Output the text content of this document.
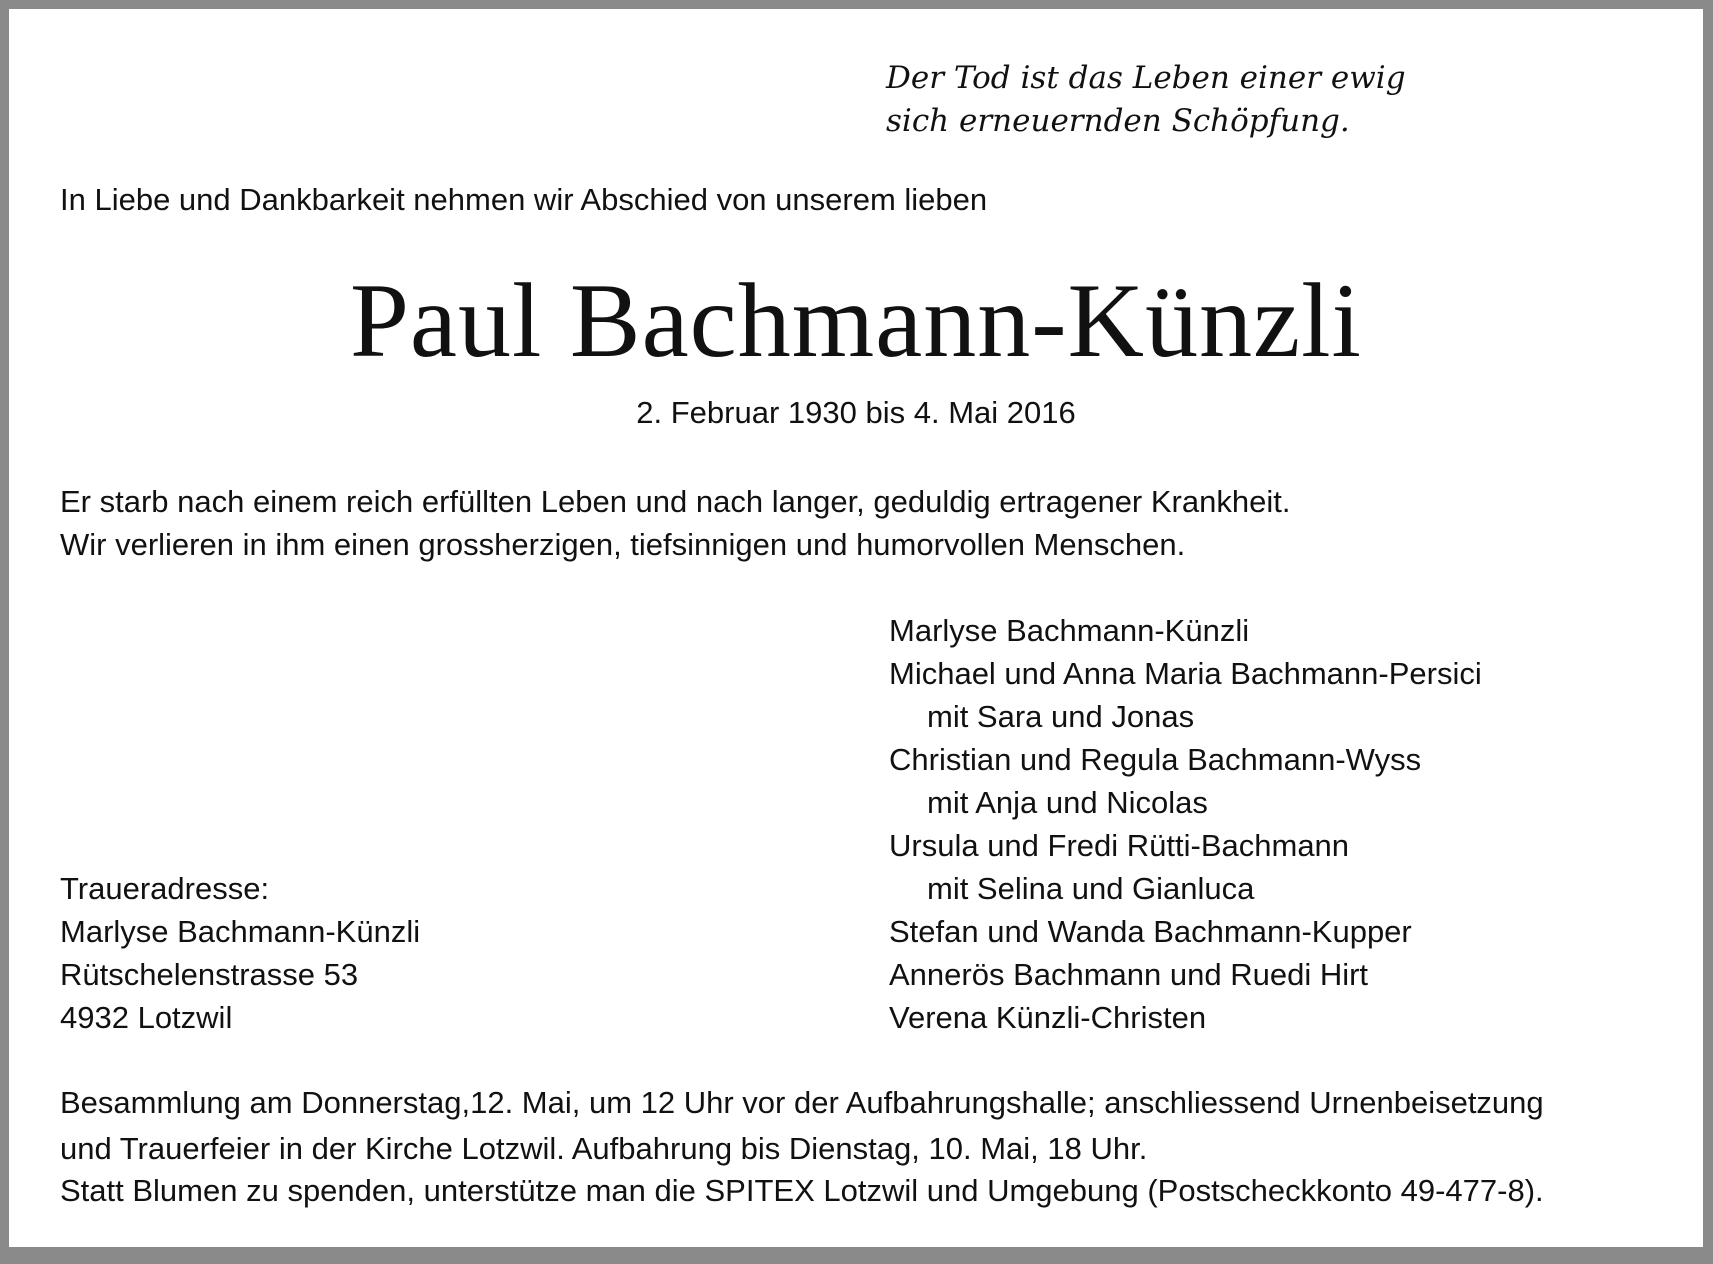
Der Tod ist das Leben einer ewig
sich erneuernden Schöpfung.
In Liebe und Dankbarkeit nehmen wir Abschied von unserem lieben
Paul Bachmann-Künzli
2. Februar 1930 bis 4. Mai 2016
Er starb nach einem reich erfüllten Leben und nach langer, geduldig ertragener Krankheit.
Wir verlieren in ihm einen grossherzigen, tiefsinnigen und humorvollen Menschen.
Marlyse Bachmann-Künzli
Michael und Anna Maria Bachmann-Persici
mit Sara und Jonas
Christian und Regula Bachmann-Wyss
mit Anja und Nicolas
Ursula und Fredi Rütti-Bachmann
mit Selina und Gianluca
Stefan und Wanda Bachmann-Kupper
Annerös Bachmann und Ruedi Hirt
Verena Künzli-Christen
Traueradresse:
Marlyse Bachmann-Künzli
Rütschelenstrasse 53
4932 Lotzwil
Besammlung am Donnerstag,12. Mai, um 12 Uhr vor der Aufbahrungshalle; anschliessend Urnenbeisetzung
und Trauerfeier in der Kirche Lotzwil. Aufbahrung bis Dienstag, 10. Mai, 18 Uhr.
Statt Blumen zu spenden, unterstütze man die SPITEX Lotzwil und Umgebung (Postscheckkonto 49-477-8).
